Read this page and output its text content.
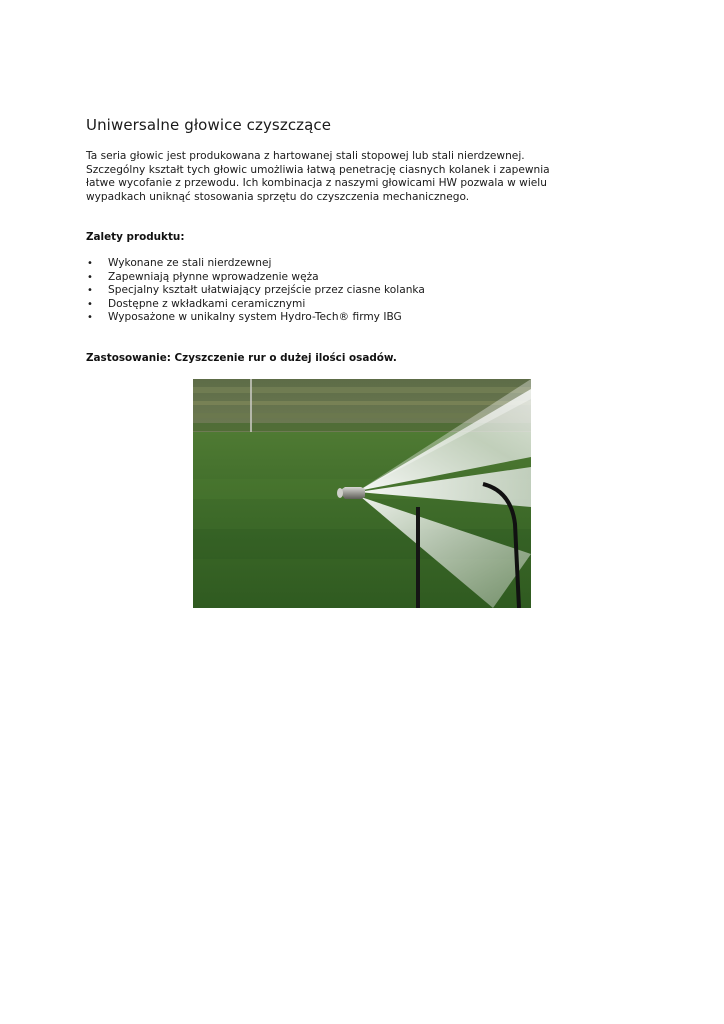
Uniwersalne głowice czyszczące

Ta seria głowic jest produkowana z hartowanej stali stopowej lub stali nierdzewnej.
Szczególny kształt tych głowic umożliwia łatwą penetrację ciasnych kolanek i zapewnia
łatwe wycofanie z przewodu. Ich kombinacja z naszymi głowicami HW pozwala w wielu
wypadkach uniknąć stosowania sprzętu do czyszczenia mechanicznego.

Zalety produktu:
• Wykonane ze stali nierdzewnej
• Zapewniają płynne wprowadzenie węża
• Specjalny kształt ułatwiający przejście przez ciasne kolanka
• Dostępne z wkładkami ceramicznymi
• Wyposażone w unikalny system Hydro-Tech® firmy IBG

Zastosowanie: Czyszczenie rur o dużej ilości osadów.
